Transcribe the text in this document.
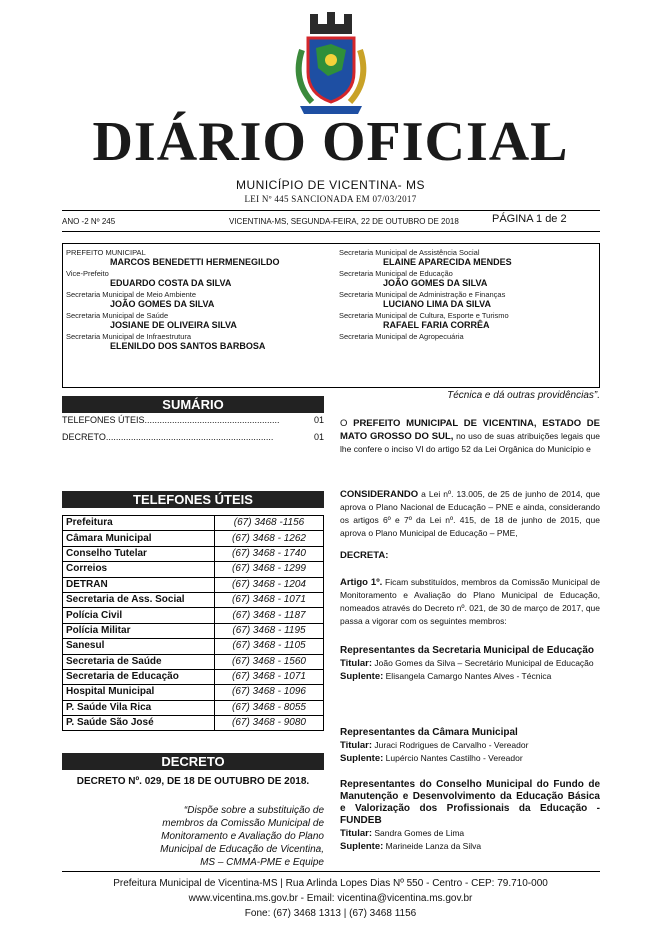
DIÁRIO OFICIAL
MUNICÍPIO DE VICENTINA- MS
LEI Nº 445 SANCIONADA EM 07/03/2017
ANO -2 Nº 245	VICENTINA-MS, SEGUNDA-FEIRA, 22 DE OUTUBRO DE 2018	PÁGINA 1 de 2
PREFEITO MUNICIPAL
MARCOS BENEDETTI HERMENEGILDO
Vice-Prefeito
EDUARDO COSTA DA SILVA
Secretaria Municipal de Meio Ambiente
JOÃO GOMES DA SILVA
Secretaria Municipal de Saúde
JOSIANE DE OLIVEIRA SILVA
Secretaria Municipal de Infraestrutura
ELENILDO DOS SANTOS BARBOSA
Secretaria Municipal de Assistência Social
ELAINE APARECIDA MENDES
Secretaria Municipal de Educação
JOÃO GOMES DA SILVA
Secretaria Municipal de Administração e Finanças
LUCIANO LIMA DA SILVA
Secretaria Municipal de Cultura, Esporte e Turismo
RAFAEL FARIA CORRÊA
Secretaria Municipal de Agropecuária
SUMÁRIO
TELEFONES ÚTEIS......................................................	01
DECRETO...................................................................	01
TELEFONES ÚTEIS
Prefeitura	(67) 3468 -1156
Câmara Municipal	(67) 3468 - 1262
Conselho Tutelar	(67) 3468 - 1740
Correios	(67) 3468 - 1299
DETRAN	(67) 3468 - 1204
Secretaria de Ass. Social	(67) 3468 - 1071
Polícia Civil	(67) 3468 - 1187
Polícia Militar	(67) 3468 - 1195
Sanesul	(67) 3468 - 1105
Secretaria de Saúde	(67) 3468 - 1560
Secretaria de Educação	(67) 3468 - 1071
Hospital Municipal	(67) 3468 - 1096
P. Saúde Vila Rica	(67) 3468 - 8055
P. Saúde São José	(67) 3468 - 9080
DECRETO
DECRETO Nº. 029, DE 18 DE OUTUBRO DE 2018.
“Dispõe sobre a substituição de membros da Comissão Municipal de Monitoramento e Avaliação do Plano Municipal de Educação de Vicentina, MS – CMMA-PME e Equipe
Técnica e dá outras providências”.
O PREFEITO MUNICIPAL DE VICENTINA, ESTADO DE MATO GROSSO DO SUL, no uso de suas atribuições legais que lhe confere o inciso VI do artigo 52 da Lei Orgânica do Município e
CONSIDERANDO a Lei nº. 13.005, de 25 de junho de 2014, que aprova o Plano Nacional de Educação – PNE e ainda, considerando os artigos 6º e 7º da Lei nº. 415, de 18 de junho de 2015, que aprova o Plano Municipal de Educação – PME,
DECRETA:
Artigo 1º. Ficam substituídos, membros da Comissão Municipal de Monitoramento e Avaliação do Plano Municipal de Educação, nomeados através do Decreto nº. 021, de 30 de março de 2017, que passa a vigorar com os seguintes membros:
Representantes da Secretaria Municipal de Educação
Titular: João Gomes da Silva – Secretário Municipal de Educação
Suplente: Elisangela Camargo Nantes Alves - Técnica
Representantes da Câmara Municipal
Titular: Juraci Rodrigues de Carvalho - Vereador
Suplente: Lupércio Nantes Castilho - Vereador
Representantes do Conselho Municipal do Fundo de Manutenção e Desenvolvimento da Educação Básica e Valorização dos Profissionais da Educação - FUNDEB
Titular: Sandra Gomes de Lima
Suplente: Marineide Lanza da Silva
Prefeitura Municipal de Vicentina-MS | Rua Arlinda Lopes Dias Nº 550 - Centro - CEP: 79.710-000
www.vicentina.ms.gov.br - Email: vicentina@vicentina.ms.gov.br
Fone: (67) 3468 1313 | (67) 3468 1156
